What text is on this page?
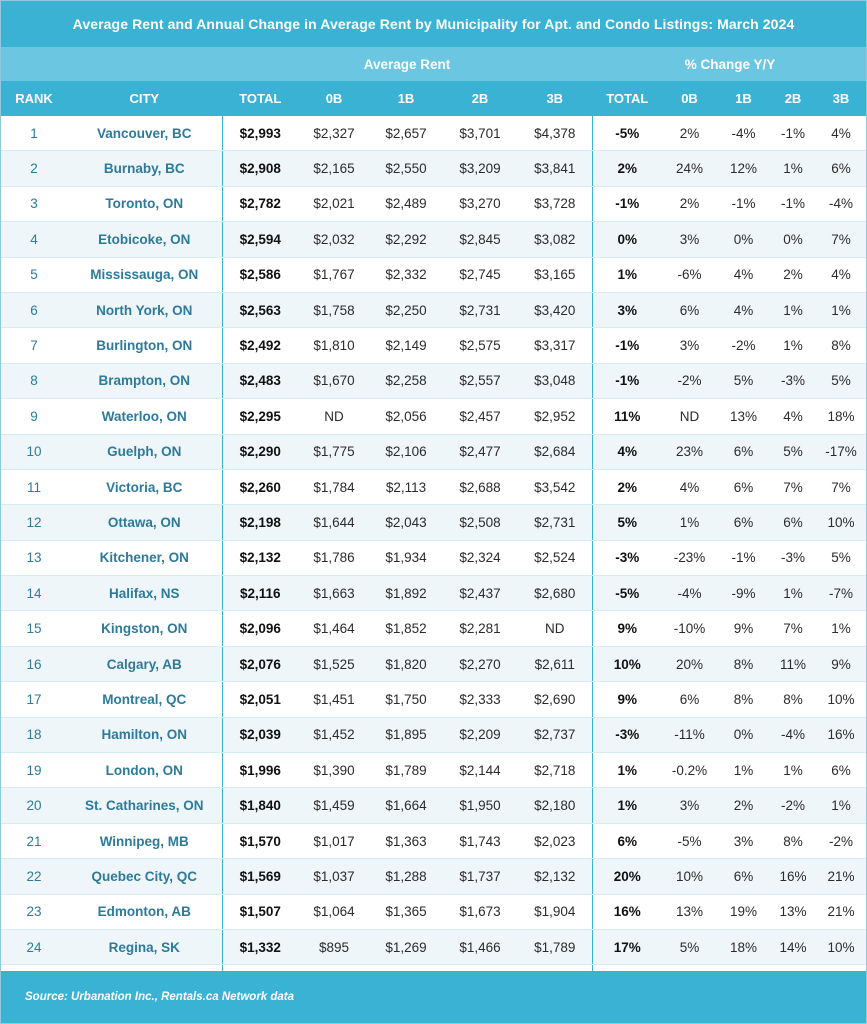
Average Rent and Annual Change in Average Rent by Municipality for Apt. and Condo Listings: March 2024
Average Rent	% Change Y/Y
RANK	CITY	TOTAL	0B	1B	2B	3B	TOTAL	0B	1B	2B	3B
1	Vancouver, BC	$2,993	$2,327	$2,657	$3,701	$4,378	-5%	2%	-4%	-1%	4%
2	Burnaby, BC	$2,908	$2,165	$2,550	$3,209	$3,841	2%	24%	12%	1%	6%
3	Toronto, ON	$2,782	$2,021	$2,489	$3,270	$3,728	-1%	2%	-1%	-1%	-4%
4	Etobicoke, ON	$2,594	$2,032	$2,292	$2,845	$3,082	0%	3%	0%	0%	7%
5	Mississauga, ON	$2,586	$1,767	$2,332	$2,745	$3,165	1%	-6%	4%	2%	4%
6	North York, ON	$2,563	$1,758	$2,250	$2,731	$3,420	3%	6%	4%	1%	1%
7	Burlington, ON	$2,492	$1,810	$2,149	$2,575	$3,317	-1%	3%	-2%	1%	8%
8	Brampton, ON	$2,483	$1,670	$2,258	$2,557	$3,048	-1%	-2%	5%	-3%	5%
9	Waterloo, ON	$2,295	ND	$2,056	$2,457	$2,952	11%	ND	13%	4%	18%
10	Guelph, ON	$2,290	$1,775	$2,106	$2,477	$2,684	4%	23%	6%	5%	-17%
11	Victoria, BC	$2,260	$1,784	$2,113	$2,688	$3,542	2%	4%	6%	7%	7%
12	Ottawa, ON	$2,198	$1,644	$2,043	$2,508	$2,731	5%	1%	6%	6%	10%
13	Kitchener, ON	$2,132	$1,786	$1,934	$2,324	$2,524	-3%	-23%	-1%	-3%	5%
14	Halifax, NS	$2,116	$1,663	$1,892	$2,437	$2,680	-5%	-4%	-9%	1%	-7%
15	Kingston, ON	$2,096	$1,464	$1,852	$2,281	ND	9%	-10%	9%	7%	1%
16	Calgary, AB	$2,076	$1,525	$1,820	$2,270	$2,611	10%	20%	8%	11%	9%
17	Montreal, QC	$2,051	$1,451	$1,750	$2,333	$2,690	9%	6%	8%	8%	10%
18	Hamilton, ON	$2,039	$1,452	$1,895	$2,209	$2,737	-3%	-11%	0%	-4%	16%
19	London, ON	$1,996	$1,390	$1,789	$2,144	$2,718	1%	-0.2%	1%	1%	6%
20	St. Catharines, ON	$1,840	$1,459	$1,664	$1,950	$2,180	1%	3%	2%	-2%	1%
21	Winnipeg, MB	$1,570	$1,017	$1,363	$1,743	$2,023	6%	-5%	3%	8%	-2%
22	Quebec City, QC	$1,569	$1,037	$1,288	$1,737	$2,132	20%	10%	6%	16%	21%
23	Edmonton, AB	$1,507	$1,064	$1,365	$1,673	$1,904	16%	13%	19%	13%	21%
24	Regina, SK	$1,332	$895	$1,269	$1,466	$1,789	17%	5%	18%	14%	10%

Source: Urbanation Inc., Rentals.ca Network data
